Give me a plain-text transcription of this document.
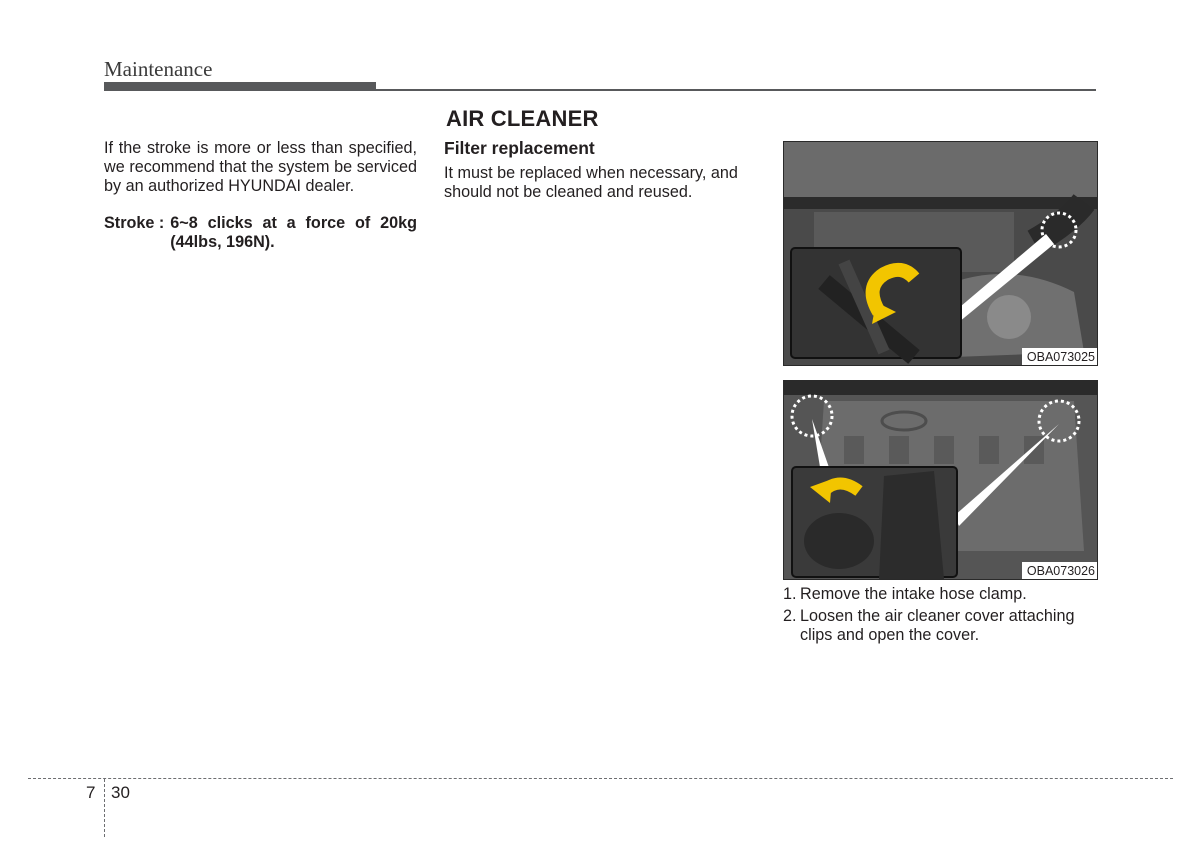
Maintenance

If the stroke is more or less than specified, we recommend that the system be serviced by an authorized HYUNDAI dealer.

Stroke : 6~8 clicks at a force of 20kg (44lbs, 196N).
AIR CLEANER
Filter replacement

It must be replaced when necessary, and should not be cleaned and reused.

OBA073025
OBA073026
1. Remove the intake hose clamp.
2. Loosen the air cleaner cover attaching clips and open the cover.
7 30
